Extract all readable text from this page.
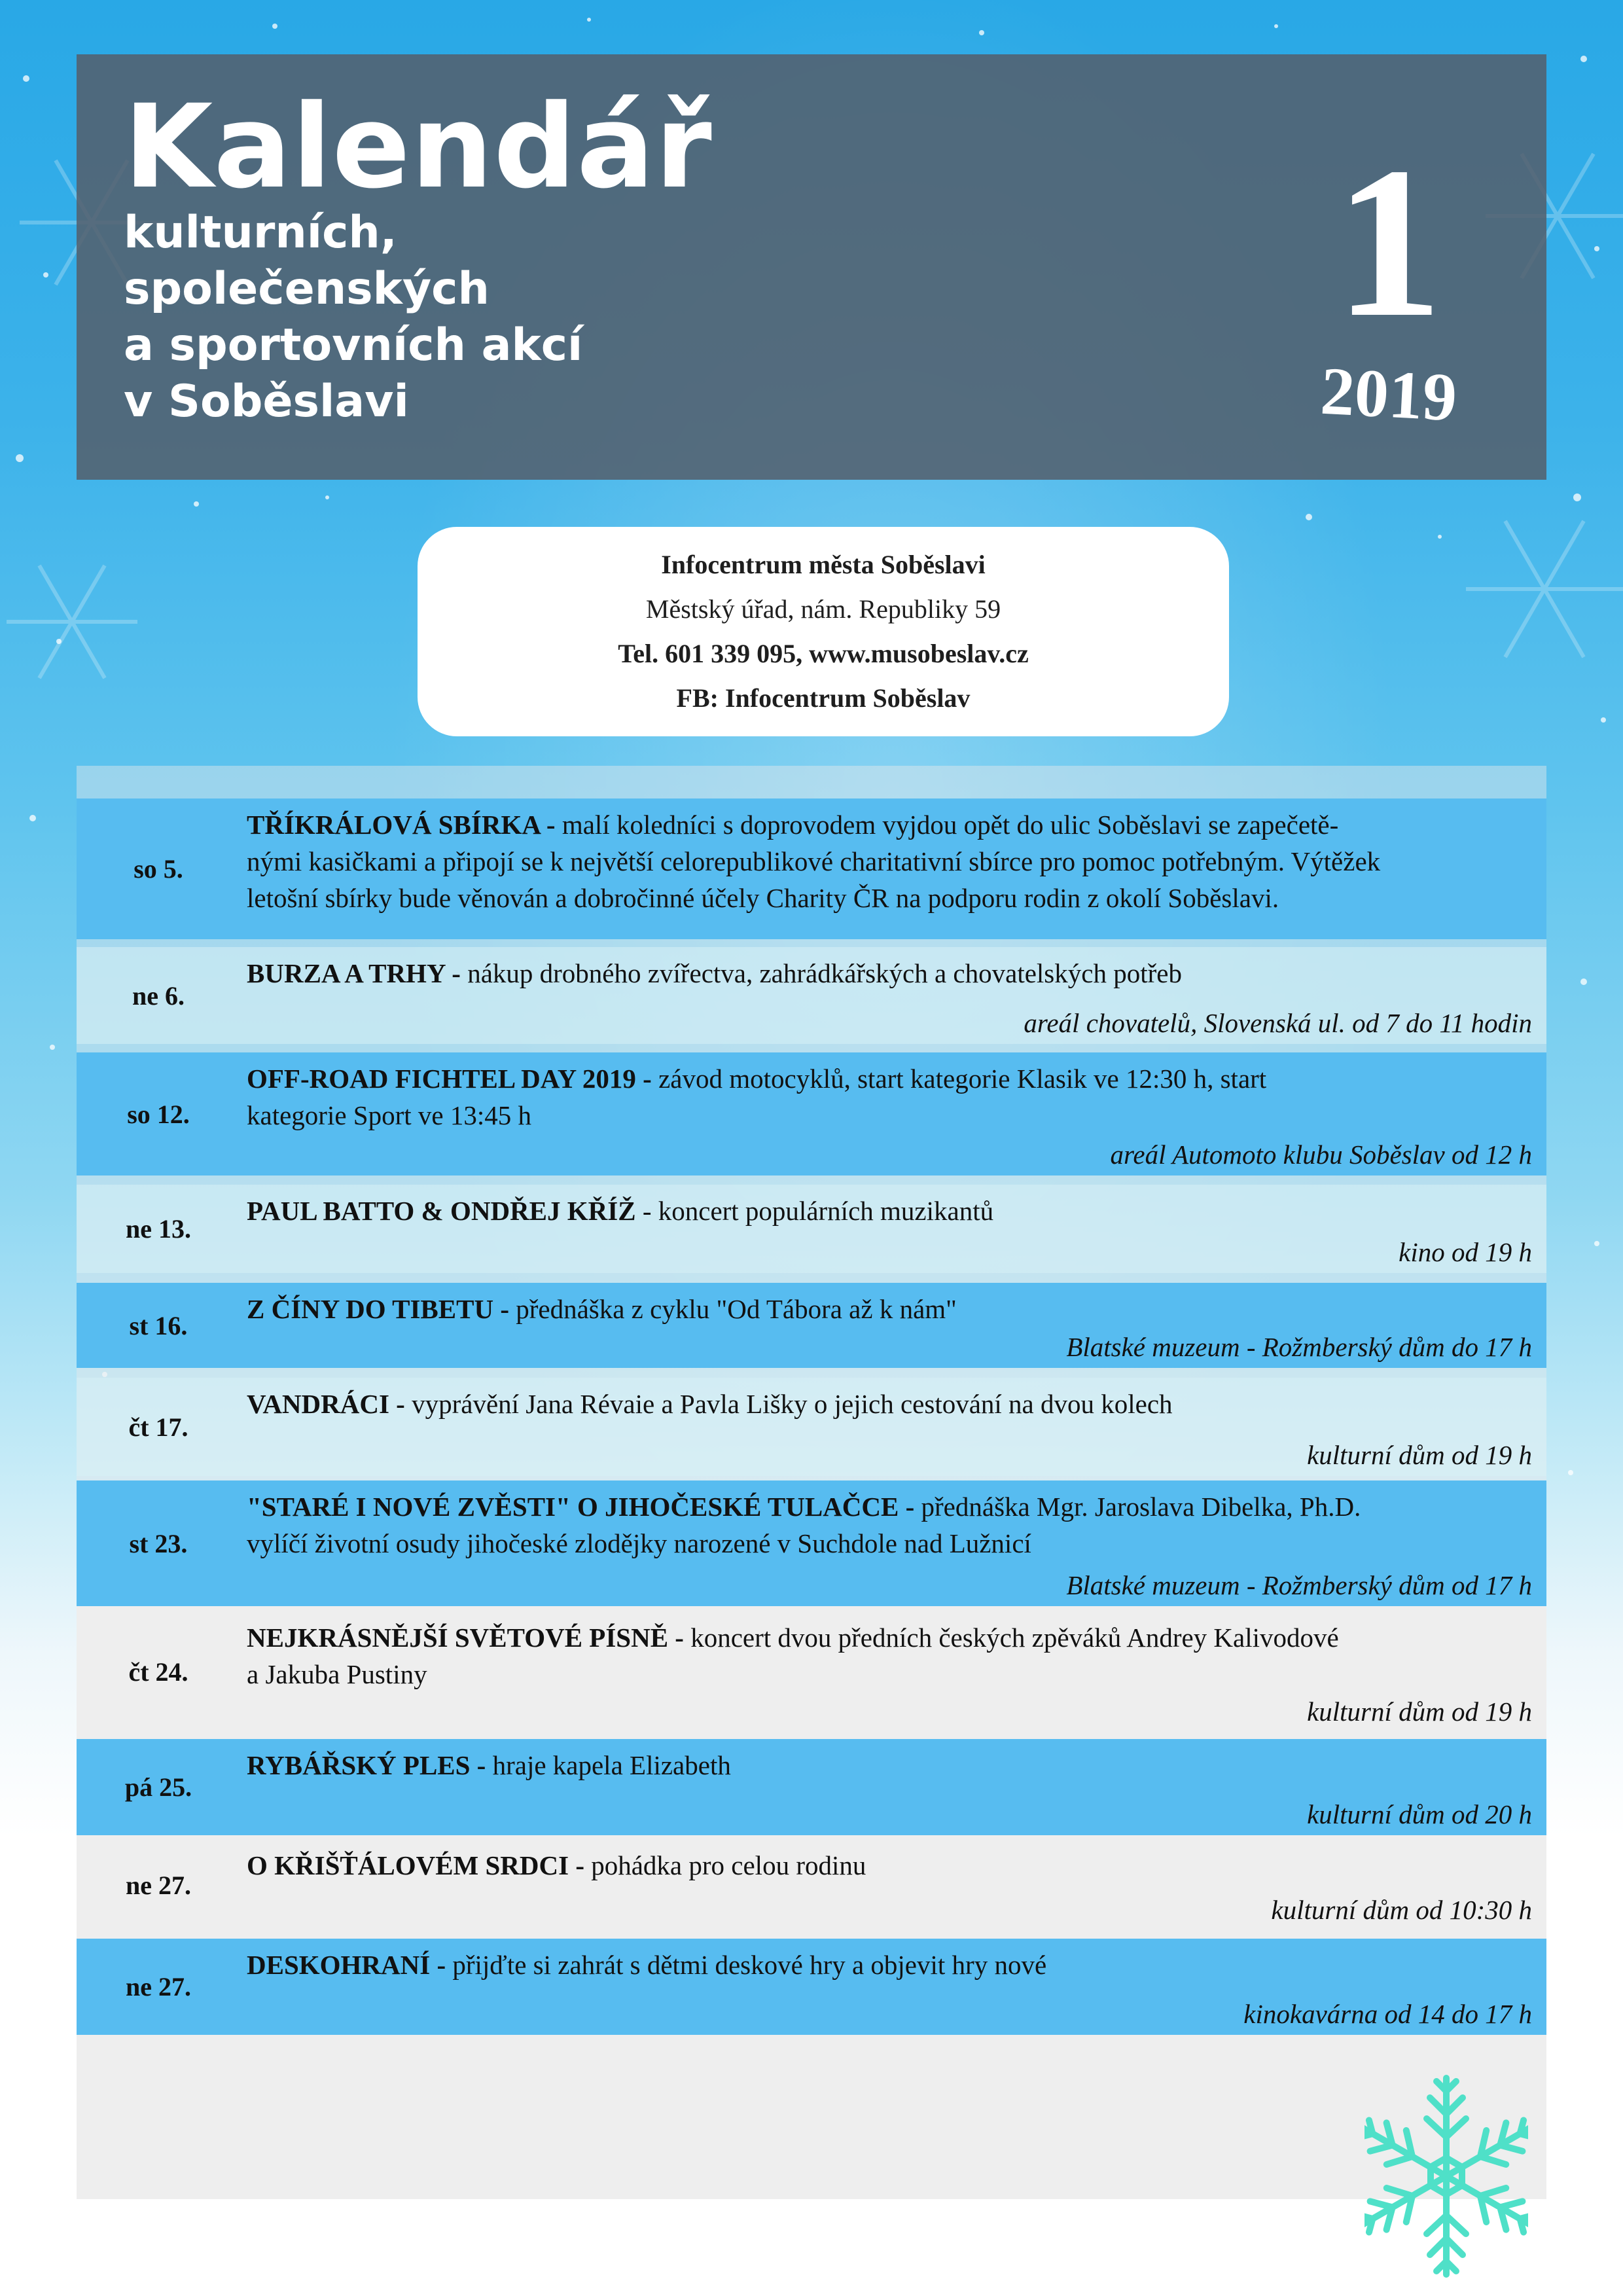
Kalendář
kulturních,
společenských
a sportovních akcí
v Soběslavi
1
2019
Infocentrum města Soběslavi
Městský úřad, nám. Republiky 59
Tel. 601 339 095, www.musobeslav.cz
FB: Infocentrum Soběslav
so 5.
TŘÍKRÁLOVÁ SBÍRKA - malí koledníci s doprovodem vyjdou opět do ulic Soběslavi se zapečetě-
nými kasičkami a připojí se k největší celorepublikové charitativní sbírce pro pomoc potřebným. Výtěžek
letošní sbírky bude věnován a dobročinné účely Charity ČR na podporu rodin z okolí Soběslavi.
ne 6.
BURZA A TRHY - nákup drobného zvířectva, zahrádkářských a chovatelských potřeb
areál chovatelů, Slovenská ul. od 7 do 11 hodin
so 12.
OFF-ROAD FICHTEL DAY 2019 - závod motocyklů, start kategorie Klasik ve 12:30 h, start
kategorie Sport ve 13:45 h
areál Automoto klubu Soběslav od 12 h
ne 13.
PAUL BATTO & ONDŘEJ KŘÍŽ - koncert populárních muzikantů
kino od 19 h
st 16.
Z ČÍNY DO TIBETU - přednáška z cyklu "Od Tábora až k nám"
Blatské muzeum - Rožmberský dům do 17 h
čt 17.
VANDRÁCI - vyprávění Jana Révaie a Pavla Lišky o jejich cestování na dvou kolech
kulturní dům od 19 h
st 23.
"STARÉ I NOVÉ ZVĚSTI" O JIHOČESKÉ TULAČCE - přednáška Mgr. Jaroslava Dibelka, Ph.D.
vylíčí životní osudy jihočeské zlodějky narozené v Suchdole nad Lužnicí
Blatské muzeum - Rožmberský dům od 17 h
čt 24.
NEJKRÁSNĚJŠÍ SVĚTOVÉ PÍSNĚ - koncert dvou předních českých zpěváků Andrey Kalivodové
a Jakuba Pustiny
kulturní dům od 19 h
pá 25.
RYBÁŘSKÝ PLES - hraje kapela Elizabeth
kulturní dům od 20 h
ne 27.
O KŘIŠŤÁLOVÉM SRDCI - pohádka pro celou rodinu
kulturní dům od 10:30 h
ne 27.
DESKOHRANÍ - přijďte si zahrát s dětmi deskové hry a objevit hry nové
kinokavárna od 14 do 17 h
